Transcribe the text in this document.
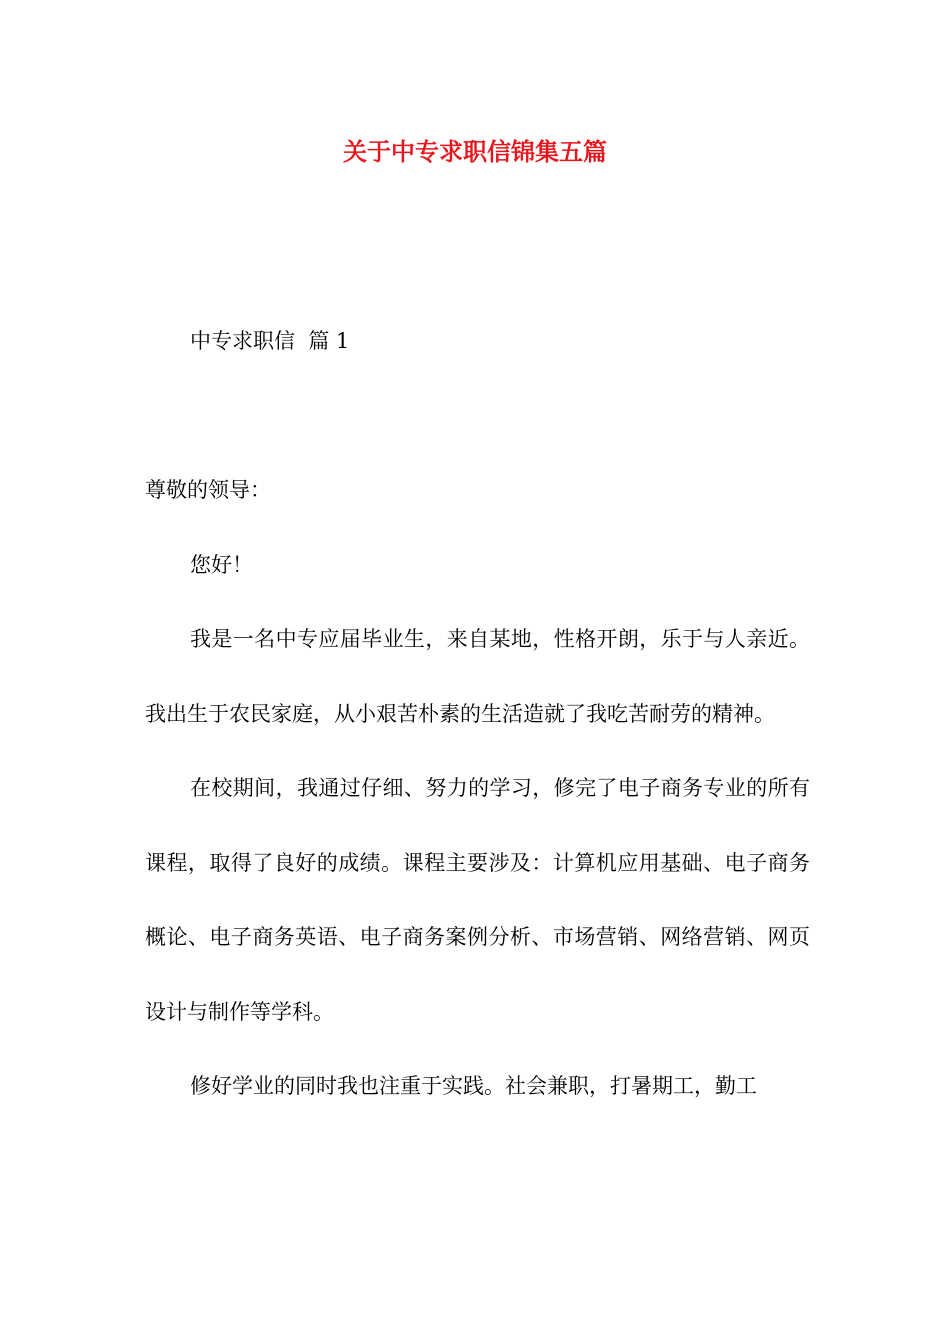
关于中专求职信锦集五篇
中专求职信  篇 1

尊敬的领导：

您好！

我是一名中专应届毕业生，来自某地，性格开朗，乐于与人亲近。我出生于农民家庭，从小艰苦朴素的生活造就了我吃苦耐劳的精神。

在校期间，我通过仔细、努力的学习，修完了电子商务专业的所有课程，取得了良好的成绩。课程主要涉及：计算机应用基础、电子商务概论、电子商务英语、电子商务案例分析、市场营销、网络营销、网页设计与制作等学科。

修好学业的同时我也注重于实践。社会兼职，打暑期工，勤工
